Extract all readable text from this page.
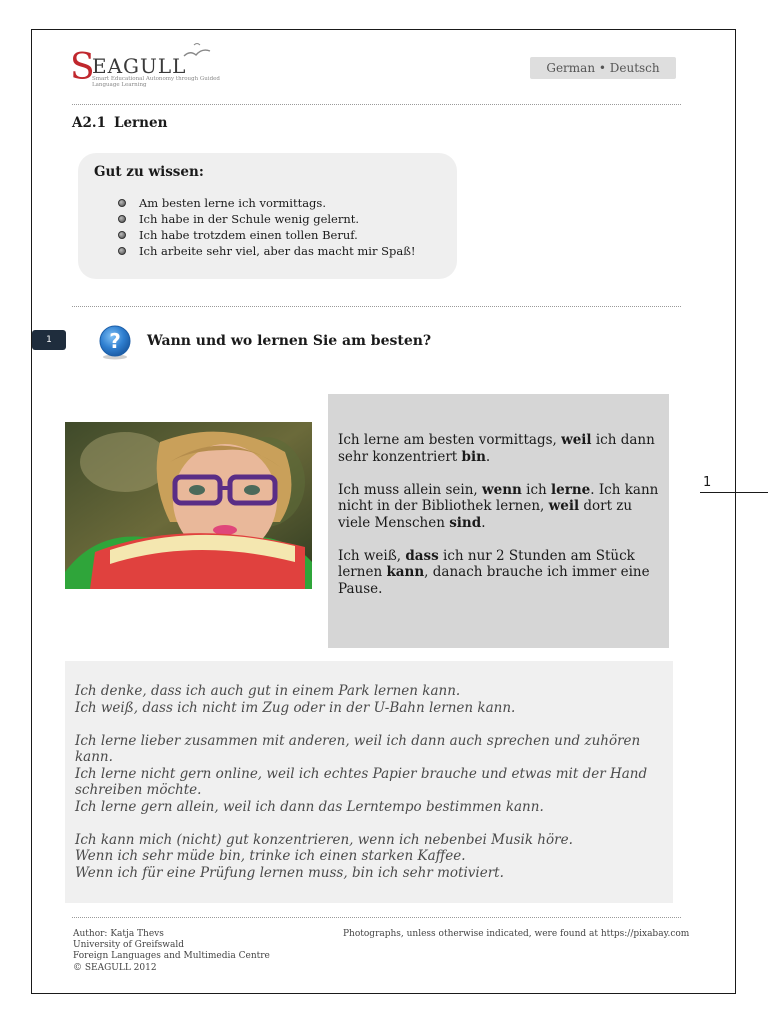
S
EAGULL
Smart Educational Autonomy through Guided Language Learning
German • Deutsch
A2.1 Lernen
Gut zu wissen:
Am besten lerne ich vormittags.
Ich habe in der Schule wenig gelernt.
Ich habe trotzdem einen tollen Beruf.
Ich arbeite sehr viel, aber das macht mir Spaß!
1	? Wann und wo lernen Sie am besten?

Ich lerne am besten vormittags, weil ich dann sehr konzentriert bin.

Ich muss allein sein, wenn ich lerne. Ich kann nicht in der Bibliothek lernen, weil dort zu viele Menschen sind.

Ich weiß, dass ich nur 2 Stunden am Stück lernen kann, danach brauche ich immer eine Pause.

1

Ich denke, dass ich auch gut in einem Park lernen kann.
Ich weiß, dass ich nicht im Zug oder in der U-Bahn lernen kann.

Ich lerne lieber zusammen mit anderen, weil ich dann auch sprechen und zuhören kann.
Ich lerne nicht gern online, weil ich echtes Papier brauche und etwas mit der Hand schreiben möchte.
Ich lerne gern allein, weil ich dann das Lerntempo bestimmen kann.

Ich kann mich (nicht) gut konzentrieren, wenn ich nebenbei Musik höre.
Wenn ich sehr müde bin, trinke ich einen starken Kaffee.
Wenn ich für eine Prüfung lernen muss, bin ich sehr motiviert.

Author: Katja Thevs
University of Greifswald
Foreign Languages and Multimedia Centre
© SEAGULL 2012
Photographs, unless otherwise indicated, were found at https://pixabay.com
